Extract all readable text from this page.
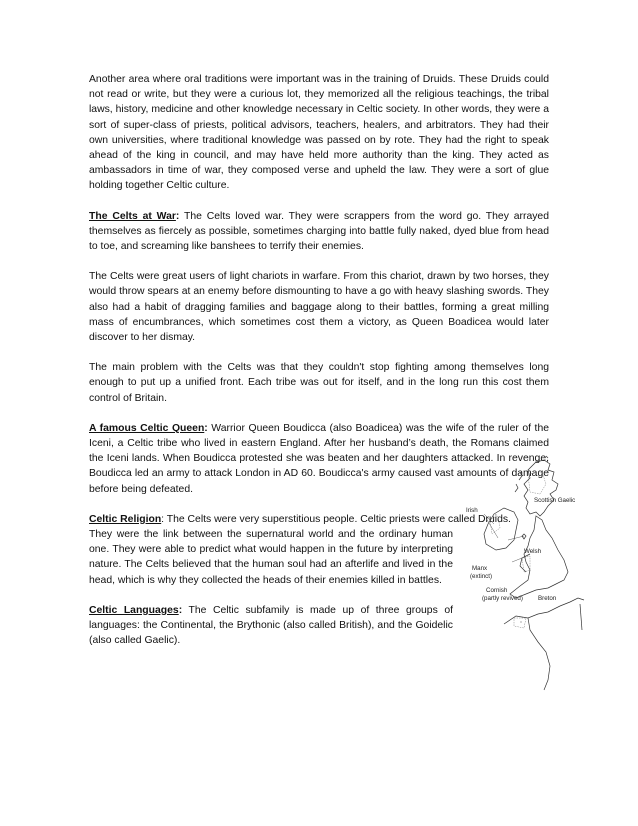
Another area where oral traditions were important was in the training of Druids. These Druids could not read or write, but they were a curious lot, they memorized all the religious teachings, the tribal laws, history, medicine and other knowledge necessary in Celtic society. In other words, they were a sort of super-class of priests, political advisors, teachers, healers, and arbitrators. They had their own universities, where traditional knowledge was passed on by rote. They had the right to speak ahead of the king in council, and may have held more authority than the king. They acted as ambassadors in time of war, they composed verse and upheld the law. They were a sort of glue holding together Celtic culture.

The Celts at War: The Celts loved war. They were scrappers from the word go. They arrayed themselves as fiercely as possible, sometimes charging into battle fully naked, dyed blue from head to toe, and screaming like banshees to terrify their enemies.

The Celts were great users of light chariots in warfare. From this chariot, drawn by two horses, they would throw spears at an enemy before dismounting to have a go with heavy slashing swords. They also had a habit of dragging families and baggage along to their battles, forming a great milling mass of encumbrances, which sometimes cost them a victory, as Queen Boadicea would later discover to her dismay.

The main problem with the Celts was that they couldn't stop fighting among themselves long enough to put up a unified front. Each tribe was out for itself, and in the long run this cost them control of Britain.

A famous Celtic Queen: Warrior Queen Boudicca (also Boadicea) was the wife of the ruler of the Iceni, a Celtic tribe who lived in eastern England. After her husband’s death, the Romans claimed the Iceni lands. When Boudicca protested she was beaten and her daughters attacked. In revenge, Boudicca led an army to attack London in AD 60. Boudicca's army caused vast amounts of damage before being defeated.

Celtic Religion: The Celts were very superstitious people. Celtic priests were called Druids.

They were the link between the supernatural world and the ordinary human one. They were able to predict what would happen in the future by interpreting nature. The Celts believed that the human soul had an afterlife and lived in the head, which is why they collected the heads of their enemies killed in battles.

Celtic Languages: The Celtic subfamily is made up of three groups of languages: the Continental, the Brythonic (also called British), and the Goidelic (also called Gaelic).

Scottish Gaelic
Irish
Welsh
Manx
(extinct)
Cornish
(partly revived) Breton
